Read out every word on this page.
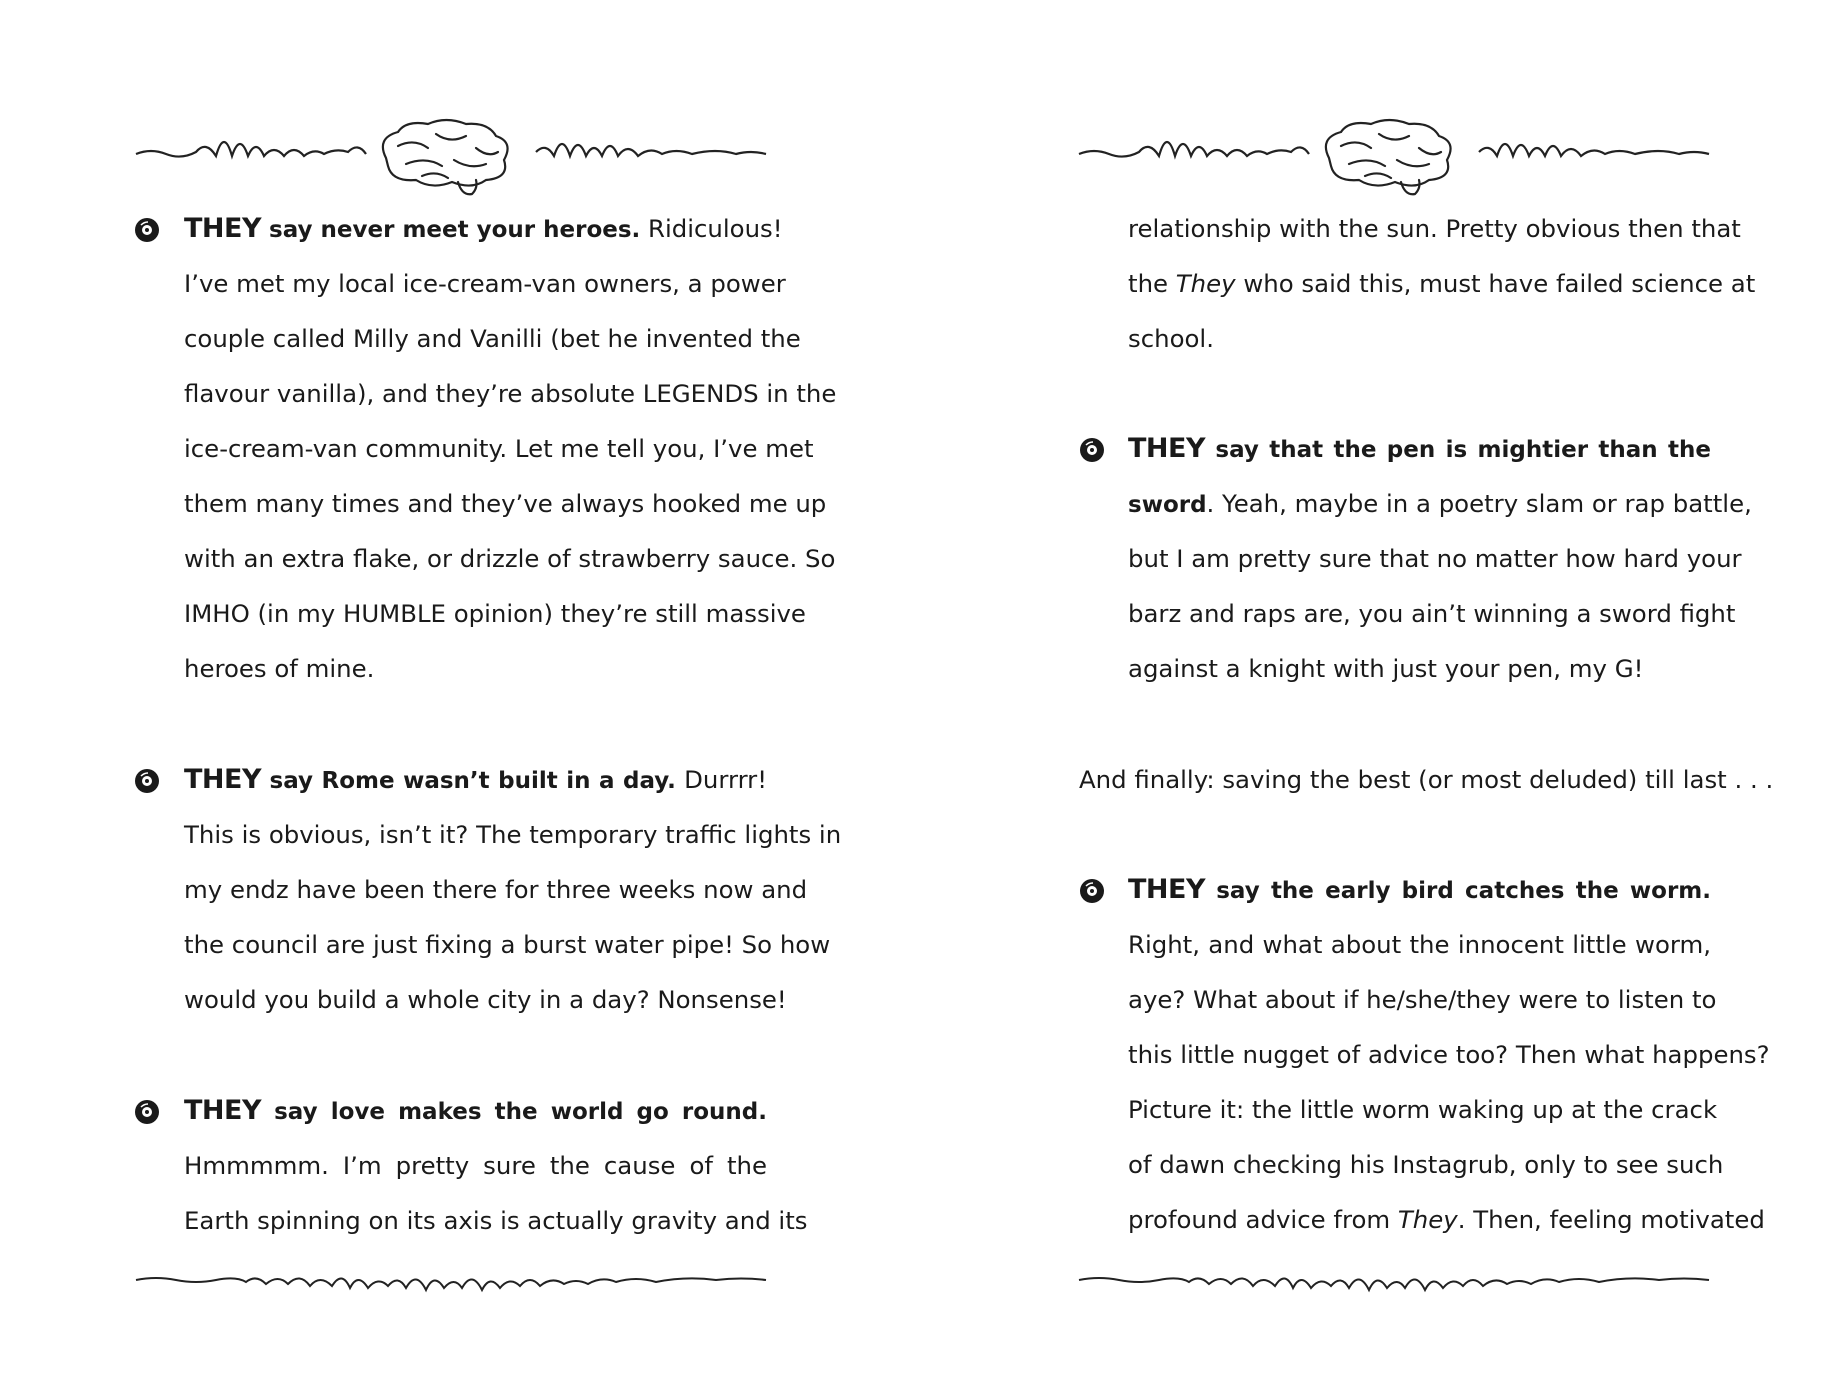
THEY say never meet your heroes. Ridiculous!
I’ve met my local ice-cream-van owners, a power
couple called Milly and Vanilli (bet he invented the
flavour vanilla), and they’re absolute LEGENDS in the
ice-cream-van community. Let me tell you, I’ve met
them many times and they’ve always hooked me up
with an extra flake, or drizzle of strawberry sauce. So
IMHO (in my HUMBLE opinion) they’re still massive
heroes of mine.
THEY say Rome wasn’t built in a day. Durrrr!
This is obvious, isn’t it? The temporary traffic lights in
my endz have been there for three weeks now and
the council are just fixing a burst water pipe! So how
would you build a whole city in a day? Nonsense!
THEY say love makes the world go round.
Hmmmmm. I’m pretty sure the cause of the
Earth spinning on its axis is actually gravity and its
relationship with the sun. Pretty obvious then that
the They who said this, must have failed science at
school.
THEY say that the pen is mightier than the
sword. Yeah, maybe in a poetry slam or rap battle,
but I am pretty sure that no matter how hard your
barz and raps are, you ain’t winning a sword fight
against a knight with just your pen, my G!
And finally: saving the best (or most deluded) till last . . .
THEY say the early bird catches the worm.
Right, and what about the innocent little worm,
aye? What about if he/she/they were to listen to
this little nugget of advice too? Then what happens?
Picture it: the little worm waking up at the crack
of dawn checking his Instagrub, only to see such
profound advice from They. Then, feeling motivated
